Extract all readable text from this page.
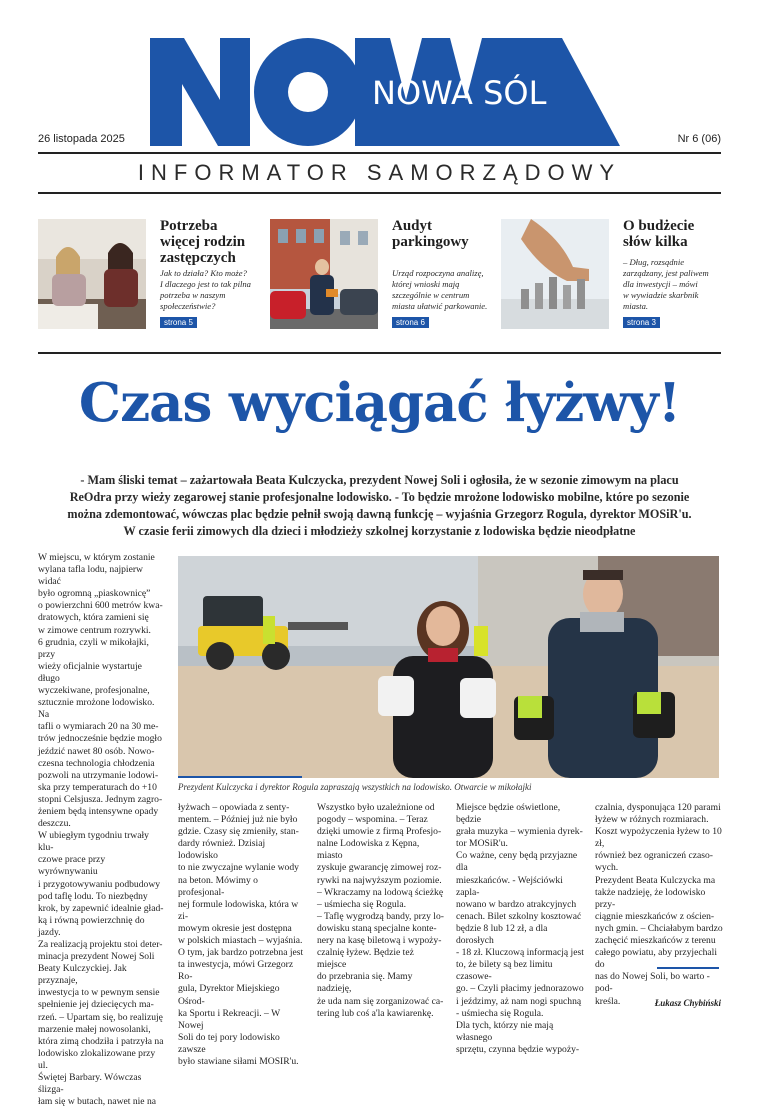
NOWA SÓL
26 listopada 2025	Nr 6 (06)
INFORMATOR SAMORZĄDOWY
Potrzeba
więcej rodzin
zastępczych
Jak to działa? Kto może?
I dlaczego jest to tak pilna
potrzeba w naszym
społeczeństwie?
strona 5
Audyt
parkingowy
Urząd rozpoczyna analizę,
której wnioski mają
szczególnie w centrum
miasta ułatwić parkowanie.
strona 6
O budżecie
słów kilka
– Dług, rozsądnie
zarządzany, jest paliwem
dla inwestycji – mówi
w wywiadzie skarbnik
miasta.
strona 3
Czas wyciągać łyżwy!
- Mam śliski temat – zażartowała Beata Kulczycka, prezydent Nowej Soli i ogłosiła, że w sezonie zimowym na placu
ReOdra przy wieży zegarowej stanie profesjonalne lodowisko. - To będzie mrożone lodowisko mobilne, które po sezonie
można zdemontować, wówczas plac będzie pełnił swoją dawną funkcję – wyjaśnia Grzegorz Rogula, dyrektor MOSiR'u.
W czasie ferii zimowych dla dzieci i młodzieży szkolnej korzystanie z lodowiska będzie nieodpłatne
Prezydent Kulczycka i dyrektor Rogula zapraszają wszystkich na lodowisko. Otwarcie w mikołajki

W miejscu, w którym zostanie

wylana tafla lodu, najpierw widać

było ogromną „piaskownicę”

o powierzchni 600 metrów kwa-

dratowych, która zamieni się

w zimowe centrum rozrywki.

6 grudnia, czyli w mikołajki, przy

wieży oficjalnie wystartuje długo

wyczekiwane, profesjonalne,

sztucznie mrożone lodowisko. Na

tafli o wymiarach 20 na 30 me-

trów jednocześnie będzie mogło

jeździć nawet 80 osób. Nowo-

czesna technologia chłodzenia

pozwoli na utrzymanie lodowi-

ska przy temperaturach do +10

stopni Celsjusza. Jednym zagro-

żeniem będą intensywne opady

deszczu.

W ubiegłym tygodniu trwały klu-

czowe prace przy wyrównywaniu

i przygotowywaniu podbudowy

pod taflę lodu. To niezbędny

krok, by zapewnić idealnie gład-

ką i równą powierzchnię do jazdy.

Za realizacją projektu stoi deter-

minacja prezydent Nowej Soli

Beaty Kulczyckiej. Jak przyznaje,

inwestycja to w pewnym sensie

spełnienie jej dziecięcych ma-

rzeń. – Upartam się, bo realizuję

marzenie małej nowosolanki,

która zimą chodziła i patrzyła na

lodowisko zlokalizowane przy ul.

Świętej Barbary. Wówczas ślizga-

łam się w butach, nawet nie na

łyżwach – opowiada z senty-

mentem. – Później już nie było

gdzie. Czasy się zmieniły, stan-

dardy również. Dzisiaj lodowisko

to nie zwyczajne wylanie wody

na beton. Mówimy o profesjonal-

nej formule lodowiska, która w zi-

mowym okresie jest dostępna

w polskich miastach – wyjaśnia.

O tym, jak bardzo potrzebna jest

ta inwestycja, mówi Grzegorz Ro-

gula, Dyrektor Miejskiego Ośrod-

ka Sportu i Rekreacji. – W Nowej

Soli do tej pory lodowisko zawsze

było stawiane siłami MOSIR'u.

Wszystko było uzależnione od

pogody – wspomina. – Teraz

dzięki umowie z firmą Profesjo-

nalne Lodowiska z Kępna, miasto

zyskuje gwarancję zimowej roz-

rywki na najwyższym poziomie.

– Wkraczamy na lodową ścieżkę

– uśmiecha się Rogula.

– Taflę wygrodzą bandy, przy lo-

dowisku staną specjalne konte-

nery na kasę biletową i wypoży-

czalnię łyżew. Będzie też miejsce

do przebrania się. Mamy nadzieję,

że uda nam się zorganizować ca-

tering lub coś a'la kawiarenkę.

Miejsce będzie oświetlone, będzie

grała muzyka – wymienia dyrek-

tor MOSiR'u.

Co ważne, ceny będą przyjazne dla

mieszkańców. - Wejściówki zapla-

nowano w bardzo atrakcyjnych

cenach. Bilet szkolny kosztować

będzie 8 lub 12 zł, a dla dorosłych

- 18 zł. Kluczową informacją jest

to, że bilety są bez limitu czasowe-

go. – Czyli płacimy jednorazowo

i jeździmy, aż nam nogi spuchną

- uśmiecha się Rogula.

Dla tych, którzy nie mają własnego

sprzętu, czynna będzie wypoży-

czalnia, dysponująca 120 parami

łyżew w różnych rozmiarach.

Koszt wypożyczenia łyżew to 10 zł,

również bez ograniczeń czaso-

wych.

Prezydent Beata Kulczycka ma

także nadzieję, że lodowisko przy-

ciągnie mieszkańców z ościen-

nych gmin. – Chciałabym bardzo

zachęcić mieszkańców z terenu

całego powiatu, aby przyjechali do

nas do Nowej Soli, bo warto - pod-

kreśla.	Łukasz Chybiński
